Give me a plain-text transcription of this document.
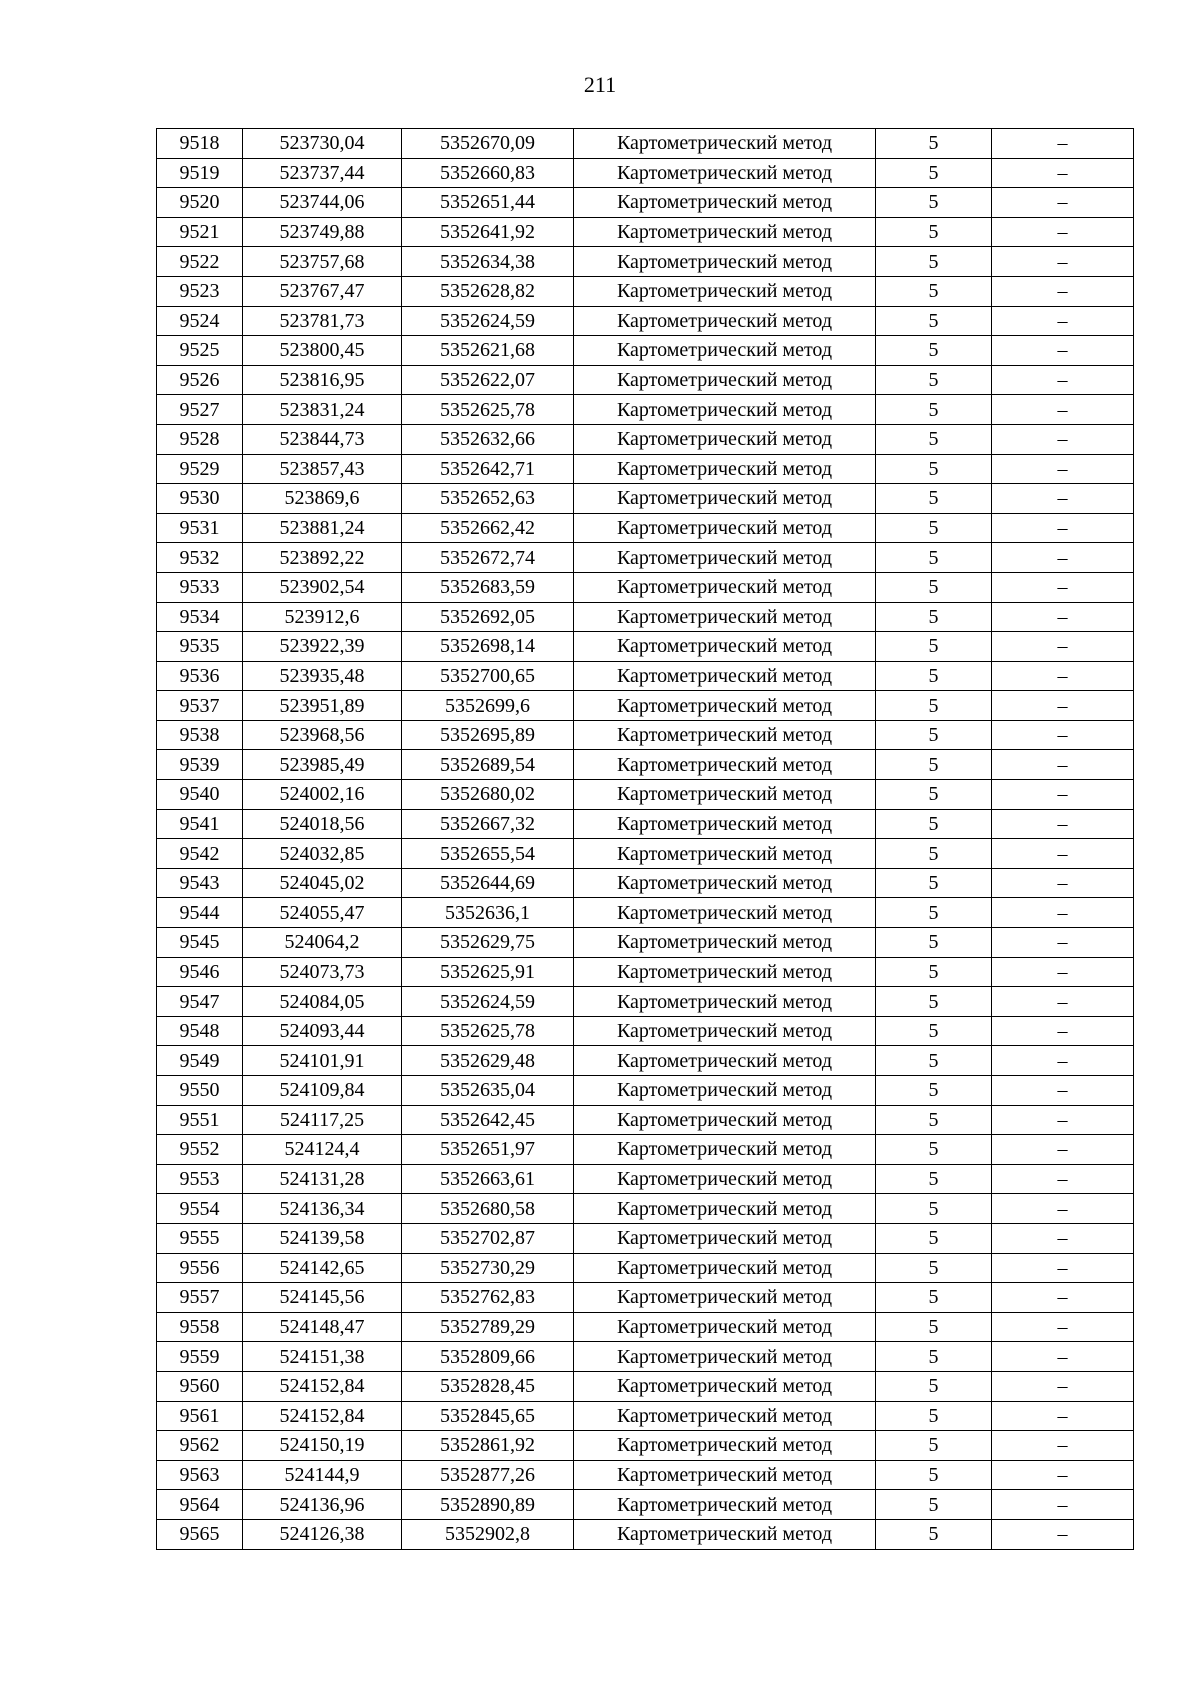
211
9518	523730,04	5352670,09	Картометрический метод	5	–
9519	523737,44	5352660,83	Картометрический метод	5	–
9520	523744,06	5352651,44	Картометрический метод	5	–
9521	523749,88	5352641,92	Картометрический метод	5	–
9522	523757,68	5352634,38	Картометрический метод	5	–
9523	523767,47	5352628,82	Картометрический метод	5	–
9524	523781,73	5352624,59	Картометрический метод	5	–
9525	523800,45	5352621,68	Картометрический метод	5	–
9526	523816,95	5352622,07	Картометрический метод	5	–
9527	523831,24	5352625,78	Картометрический метод	5	–
9528	523844,73	5352632,66	Картометрический метод	5	–
9529	523857,43	5352642,71	Картометрический метод	5	–
9530	523869,6	5352652,63	Картометрический метод	5	–
9531	523881,24	5352662,42	Картометрический метод	5	–
9532	523892,22	5352672,74	Картометрический метод	5	–
9533	523902,54	5352683,59	Картометрический метод	5	–
9534	523912,6	5352692,05	Картометрический метод	5	–
9535	523922,39	5352698,14	Картометрический метод	5	–
9536	523935,48	5352700,65	Картометрический метод	5	–
9537	523951,89	5352699,6	Картометрический метод	5	–
9538	523968,56	5352695,89	Картометрический метод	5	–
9539	523985,49	5352689,54	Картометрический метод	5	–
9540	524002,16	5352680,02	Картометрический метод	5	–
9541	524018,56	5352667,32	Картометрический метод	5	–
9542	524032,85	5352655,54	Картометрический метод	5	–
9543	524045,02	5352644,69	Картометрический метод	5	–
9544	524055,47	5352636,1	Картометрический метод	5	–
9545	524064,2	5352629,75	Картометрический метод	5	–
9546	524073,73	5352625,91	Картометрический метод	5	–
9547	524084,05	5352624,59	Картометрический метод	5	–
9548	524093,44	5352625,78	Картометрический метод	5	–
9549	524101,91	5352629,48	Картометрический метод	5	–
9550	524109,84	5352635,04	Картометрический метод	5	–
9551	524117,25	5352642,45	Картометрический метод	5	–
9552	524124,4	5352651,97	Картометрический метод	5	–
9553	524131,28	5352663,61	Картометрический метод	5	–
9554	524136,34	5352680,58	Картометрический метод	5	–
9555	524139,58	5352702,87	Картометрический метод	5	–
9556	524142,65	5352730,29	Картометрический метод	5	–
9557	524145,56	5352762,83	Картометрический метод	5	–
9558	524148,47	5352789,29	Картометрический метод	5	–
9559	524151,38	5352809,66	Картометрический метод	5	–
9560	524152,84	5352828,45	Картометрический метод	5	–
9561	524152,84	5352845,65	Картометрический метод	5	–
9562	524150,19	5352861,92	Картометрический метод	5	–
9563	524144,9	5352877,26	Картометрический метод	5	–
9564	524136,96	5352890,89	Картометрический метод	5	–
9565	524126,38	5352902,8	Картометрический метод	5	–
